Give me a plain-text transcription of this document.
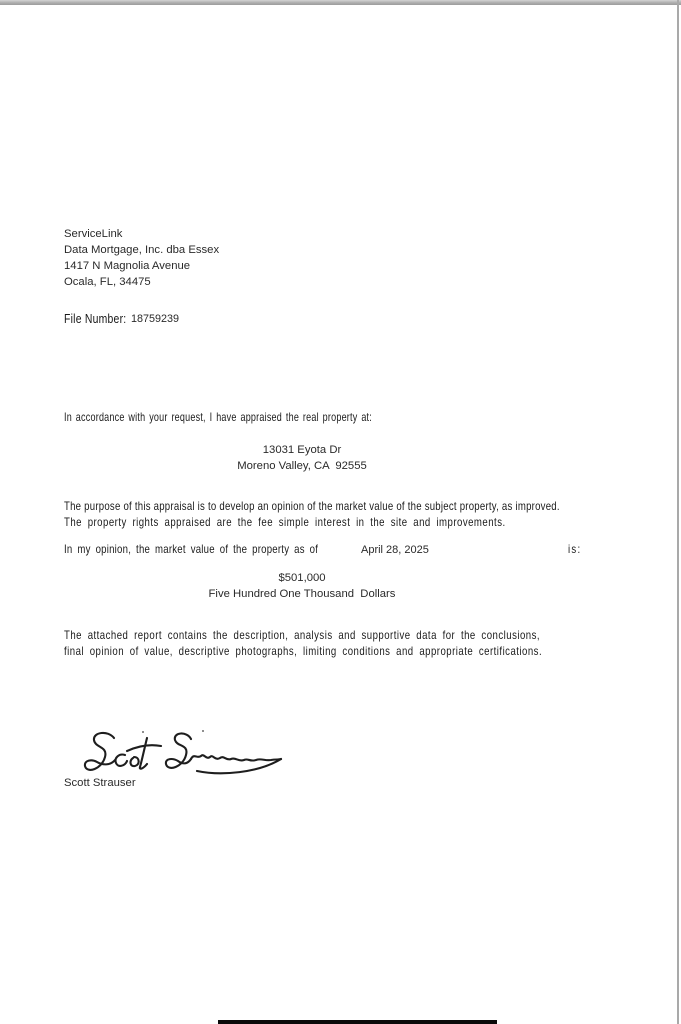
ServiceLink
Data Mortgage, Inc. dba Essex
1417 N Magnolia Avenue
Ocala, FL, 34475
File Number: 18759239
In accordance with your request, I have appraised the real property at:
13031 Eyota Dr
Moreno Valley, CA  92555
The purpose of this appraisal is to develop an opinion of the market value of the subject property, as improved.
The property rights appraised are the fee simple interest in the site and improvements.
In my opinion, the market value of the property as of	April 28, 2025	is:
$501,000
Five Hundred One Thousand  Dollars
The attached report contains the description, analysis and supportive data for the conclusions,
final opinion of value, descriptive photographs, limiting conditions and appropriate certifications.
Scott Strauser
